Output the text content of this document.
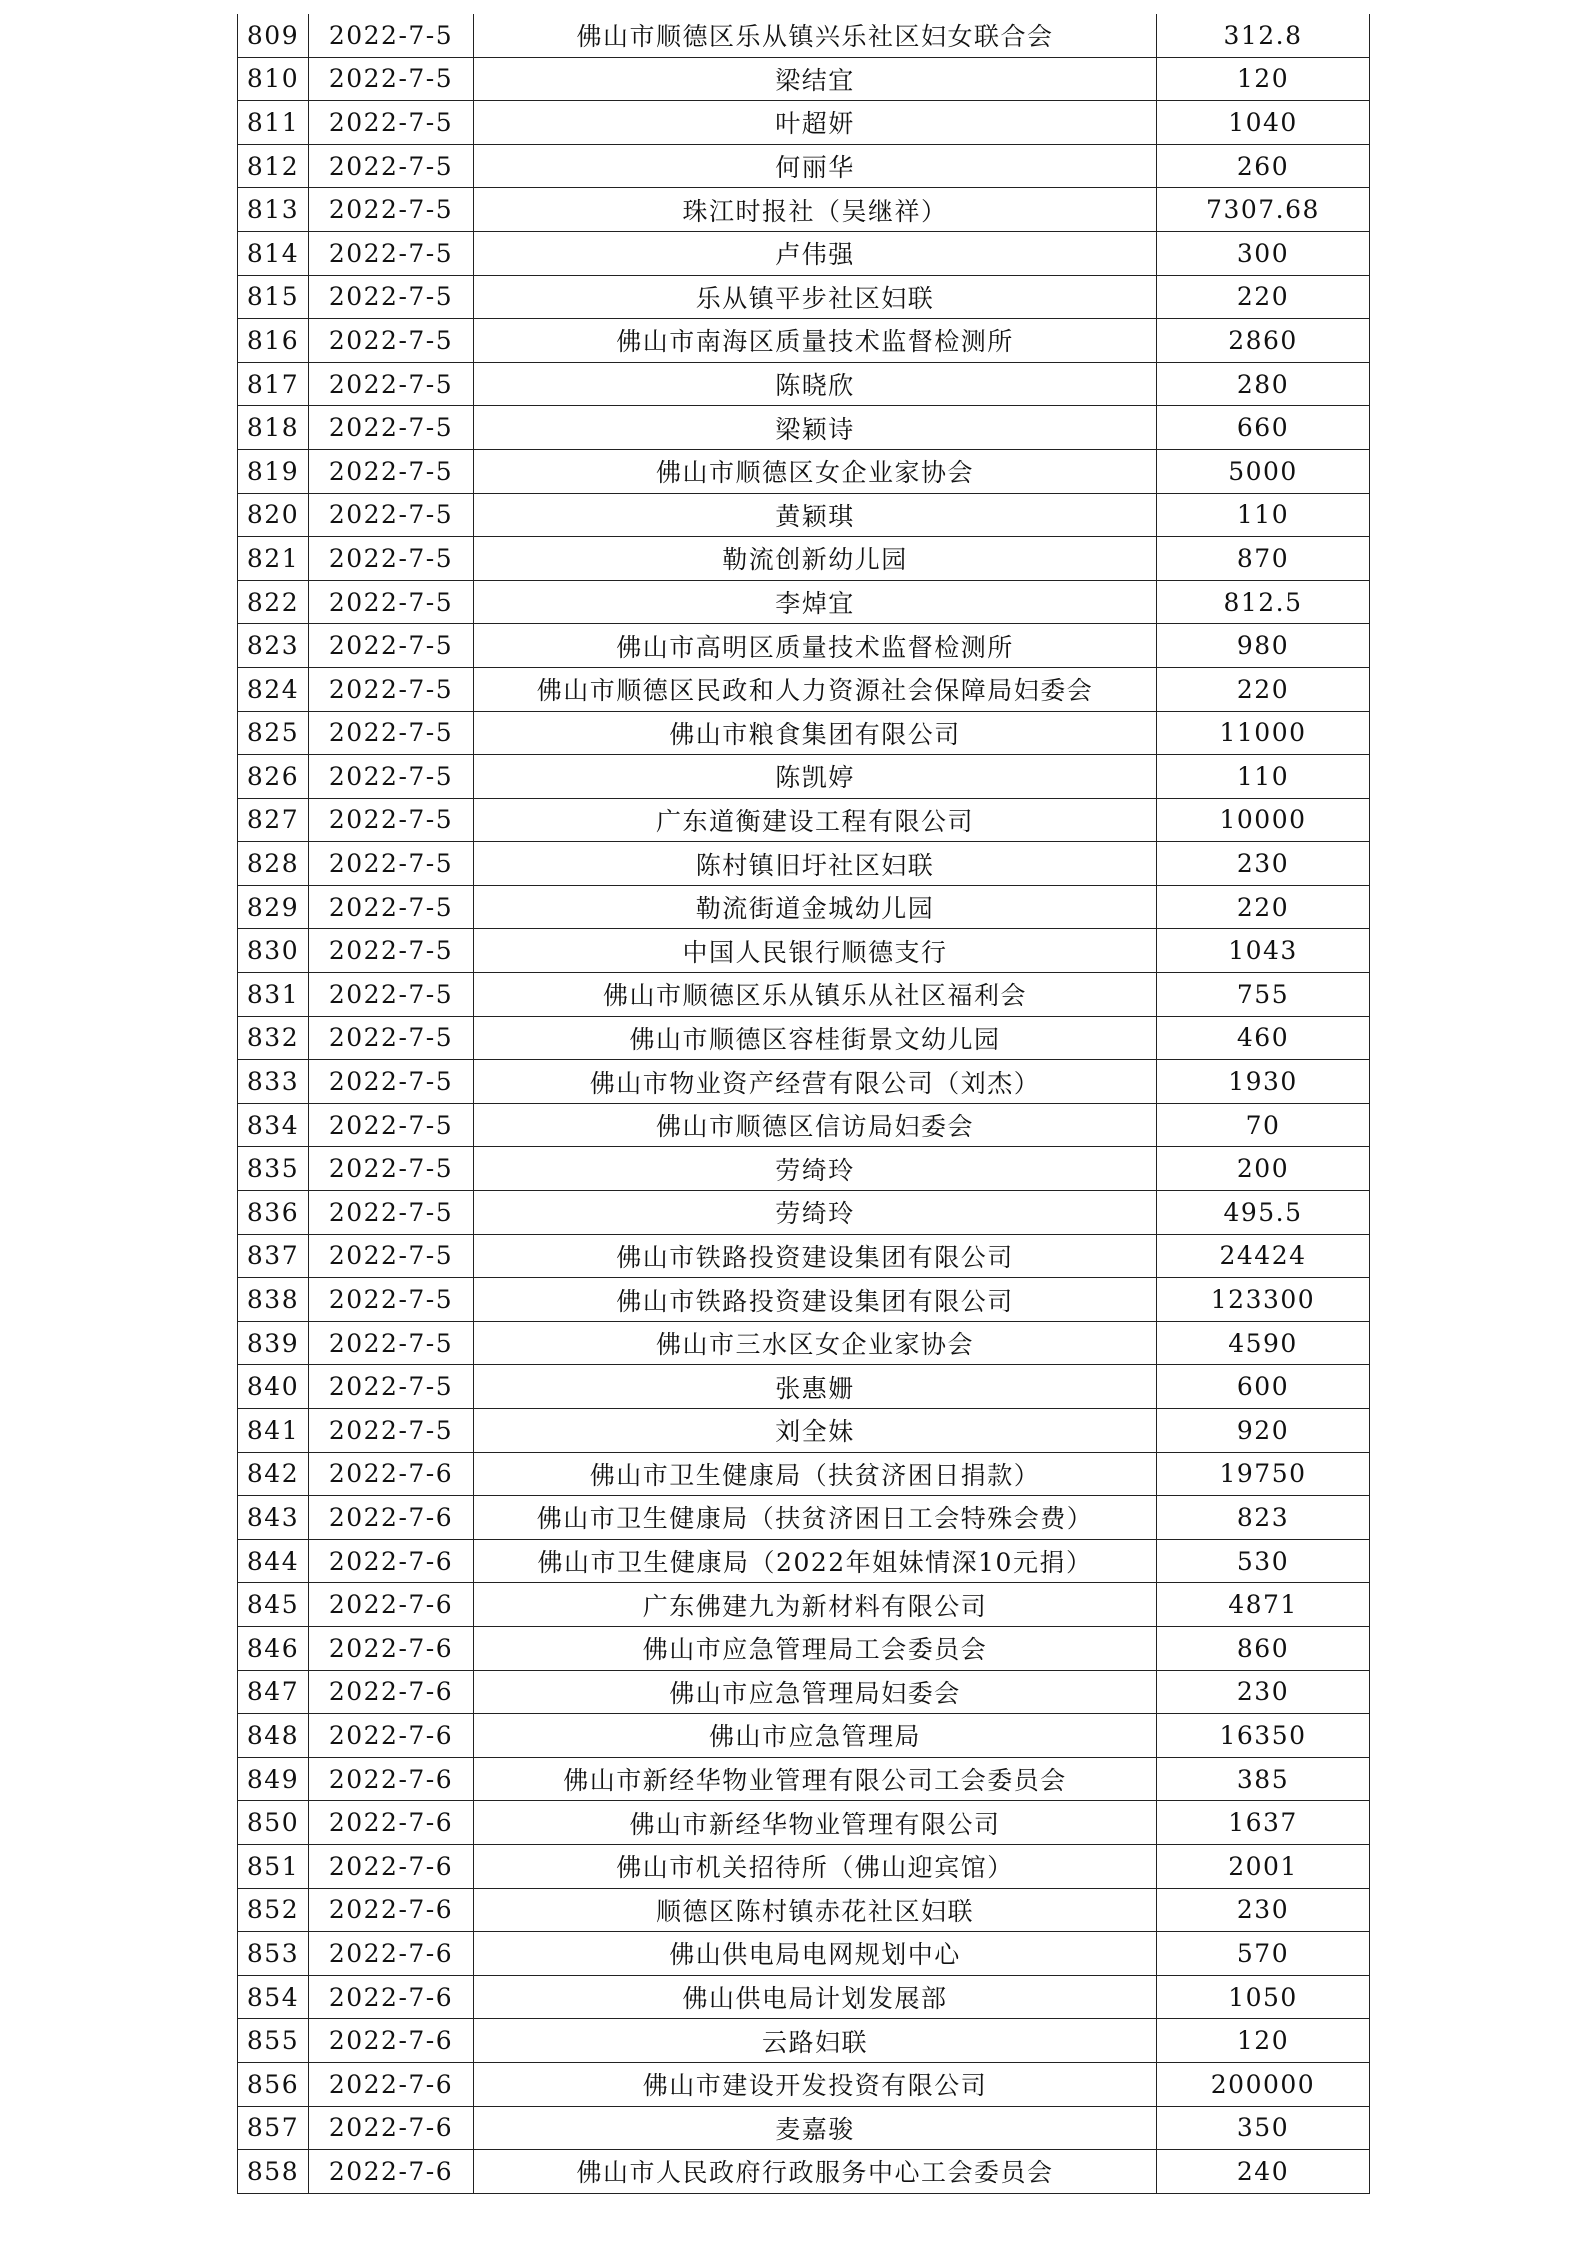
809	2022-7-5	佛山市顺德区乐从镇兴乐社区妇女联合会	312.8
810	2022-7-5	梁结宜	120
811	2022-7-5	叶超妍	1040
812	2022-7-5	何丽华	260
813	2022-7-5	珠江时报社（吴继祥）	7307.68
814	2022-7-5	卢伟强	300
815	2022-7-5	乐从镇平步社区妇联	220
816	2022-7-5	佛山市南海区质量技术监督检测所	2860
817	2022-7-5	陈晓欣	280
818	2022-7-5	梁颖诗	660
819	2022-7-5	佛山市顺德区女企业家协会	5000
820	2022-7-5	黄颖琪	110
821	2022-7-5	勒流创新幼儿园	870
822	2022-7-5	李焯宜	812.5
823	2022-7-5	佛山市高明区质量技术监督检测所	980
824	2022-7-5	佛山市顺德区民政和人力资源社会保障局妇委会	220
825	2022-7-5	佛山市粮食集团有限公司	11000
826	2022-7-5	陈凯婷	110
827	2022-7-5	广东道衡建设工程有限公司	10000
828	2022-7-5	陈村镇旧圩社区妇联	230
829	2022-7-5	勒流街道金城幼儿园	220
830	2022-7-5	中国人民银行顺德支行	1043
831	2022-7-5	佛山市顺德区乐从镇乐从社区福利会	755
832	2022-7-5	佛山市顺德区容桂街景文幼儿园	460
833	2022-7-5	佛山市物业资产经营有限公司（刘杰）	1930
834	2022-7-5	佛山市顺德区信访局妇委会	70
835	2022-7-5	劳绮玲	200
836	2022-7-5	劳绮玲	495.5
837	2022-7-5	佛山市铁路投资建设集团有限公司	24424
838	2022-7-5	佛山市铁路投资建设集团有限公司	123300
839	2022-7-5	佛山市三水区女企业家协会	4590
840	2022-7-5	张惠姗	600
841	2022-7-5	刘全妹	920
842	2022-7-6	佛山市卫生健康局（扶贫济困日捐款）	19750
843	2022-7-6	佛山市卫生健康局（扶贫济困日工会特殊会费）	823
844	2022-7-6	佛山市卫生健康局（2022年姐妹情深10元捐）	530
845	2022-7-6	广东佛建九为新材料有限公司	4871
846	2022-7-6	佛山市应急管理局工会委员会	860
847	2022-7-6	佛山市应急管理局妇委会	230
848	2022-7-6	佛山市应急管理局	16350
849	2022-7-6	佛山市新经华物业管理有限公司工会委员会	385
850	2022-7-6	佛山市新经华物业管理有限公司	1637
851	2022-7-6	佛山市机关招待所（佛山迎宾馆）	2001
852	2022-7-6	顺德区陈村镇赤花社区妇联	230
853	2022-7-6	佛山供电局电网规划中心	570
854	2022-7-6	佛山供电局计划发展部	1050
855	2022-7-6	云路妇联	120
856	2022-7-6	佛山市建设开发投资有限公司	200000
857	2022-7-6	麦嘉骏	350
858	2022-7-6	佛山市人民政府行政服务中心工会委员会	240
